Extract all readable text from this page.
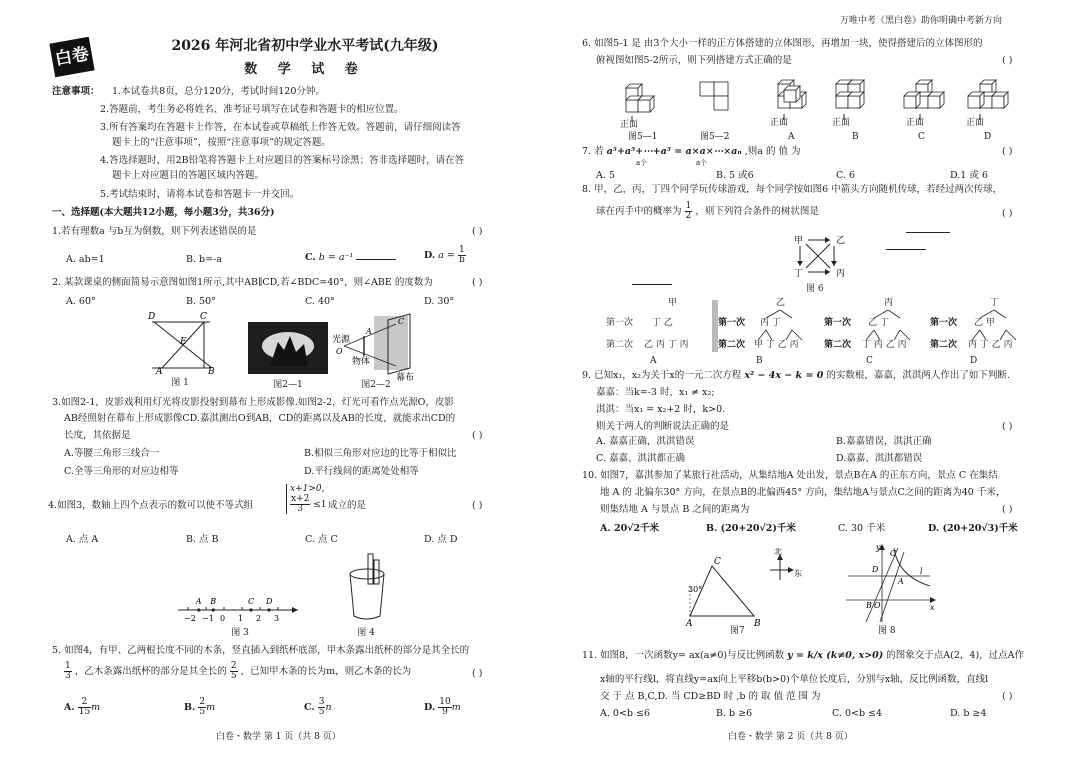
白卷	2026 年河北省初中学业水平考试(九年级)
数 学 试 卷
注意事项： 1.本试卷共8页，总分120分，考试时间120分钟。
2.答题前，考生务必将姓名、准考证号填写在试卷和答题卡的相应位置。
3.所有答案均在答题卡上作答，在本试卷或草稿纸上作答无效。答题前，请仔细阅读答
题卡上的“注意事项”，按照“注意事项”的规定答题。
4.答选择题时，用2B铅笔将答题卡上对应题目的答案标号涂黑；答非选择题时，请在答
题卡上对应题目的答题区域内答题。
5.考试结束时，请将本试卷和答题卡一并交回。
一、选择题(本大题共12小题，每小题3分，共36分)
1.若有理数a 与b互为倒数，则下列表述错误的是	( )
A. ab=1	B. b=-a	C. b = a⁻¹	D. $a = \frac{1}{b}$
2. 某款课桌的侧面简易示意图如图1所示,其中AB∥CD,若∠BDC=40°，则∠ABE 的度数为	( )
A. 60°	B. 50°	C. 40°	D. 30°
D	C
E
A	B
图 1	图2—1
光源
O
A
C
物体
幕布
图2—2
3.如图2-1，皮影戏利用灯光将皮影投射到幕布上形成影像.如图2-2，灯光可看作点光源O，皮影
AB经照射在幕布上形成影像CD.嘉淇测出O到AB，CD的距离以及AB的长度，就能求出CD的
长度，其依据是	( )
A.等腰三角形三线合一	B.相似三角形对应边的比等于相似比
C.全等三角形的对应边相等	D.平行线间的距离处处相等
4.如图3，数轴上四个点表示的数可以使不等式组
x+1>0,

$\frac{x+2}{3} \le 1$ 成立的是	( )
A. 点 A	B. 点 B	C. 点 C	D. 点 D
−2 −1 0 1 2 3
A B	C D
图 3	图 4
5. 如图4，有甲、乙两根长度不同的木条，竖直插入到纸杯底部，甲木条露出纸杯的部分是其全长的
$\frac{1}{3}$ ，乙木条露出纸杯的部分是其全长的 $\frac{2}{5}$ ，已知甲木条的长为m，则乙木条的长为	( )
A. $\frac{2}{15}$ m	B. $\frac{2}{5}$ m	C. $\frac{3}{5}$ n	D. $\frac{10}{9}$ m
白卷・数学 第 1 页（共 8 页）
万唯中考《黑白卷》助你明确中考新方向
6. 如图5-1 是 由3个大小一样的正方体搭建的立体图形，再增加一块，使得搭建后的立体图形的
俯视图如图5-2所示，则下列搭建方式正确的是	( )
正面	正面	正面	正面	正面
图5—1	图5—2	A	B	C	D
7. 若 a⁵+a⁵+⋯+a⁵ = a×a×⋯×aₙ ,则a 的 值 为
a个	a个
( )
A. 5	B. 5 或6	C. 6	D.1 或 6
8. 甲，乙，丙，丁四个同学玩传球游戏，每个同学按如图6 中箭头方向随机传球，若经过两次传球，
球在丙手中的概率为 $\frac{1}{2}$ ，则下列符合条件的树状图是	( )
甲	乙
丁	丙
图 6
甲
第一次 丁 乙
第二次 乙 丙 丁 丙
乙
第一次 丙 丁
第二次 甲 丁 乙 丙
丙
第一次 乙 丁
第二次 丁 丙 乙 丙
丁
第一次 乙 甲
第二次 丙 丁 乙 丙
A	B	C	D
9. 已知x₁，x₂为关于x的一元二次方程 x² − 4x − k = 0 的实数根，嘉嘉，淇淇两人作出了如下判断.
嘉嘉：当k=-3 时，x₁ ≠ x₂;
淇淇：当x₁ = x₂+2 时，k>0.
则关于两人的判断说法正确的是	( )
A. 嘉嘉正确，淇淇错误	B.嘉嘉错误，淇淇正确
C. 嘉嘉、淇淇都正确	D.嘉嘉、淇淇都错误
10. 如图7，嘉淇参加了某旅行社活动，从集结地A 处出发，景点B在A 的正东方向，景点 C 在集结
地 A 的 北偏东30° 方向，在景点B的北偏西45° 方向，集结地A与景点C之间的距离为40 千米，
则集结地 A 与景点 B 之间的距离为	( )
A. 20√2千米	B. (20+20√2)千米	C. 30 千米	D. (20+20√3)千米
C
30°
A	B
北
东
图7
y
C
D
A
B O	x
l
图 8
11. 如图8，一次函数y= ax(a≠0)与反比例函数 y = k/x (k≠0, x>0) 的图象交于点A(2，4)，过点A作
x轴的平行线l，将直线y=ax向上平移b(b>0)个单位长度后，分别与x轴，反比例函数，直线l
交 于 点 B,C,D. 当 CD≥BD 时 ,b 的 取 值 范 围 为	( )
A. 0<b ≤6	B. b ≥6	C. 0<b ≤4	D. b ≥4
白卷・数学 第 2 页（共 8 页）
